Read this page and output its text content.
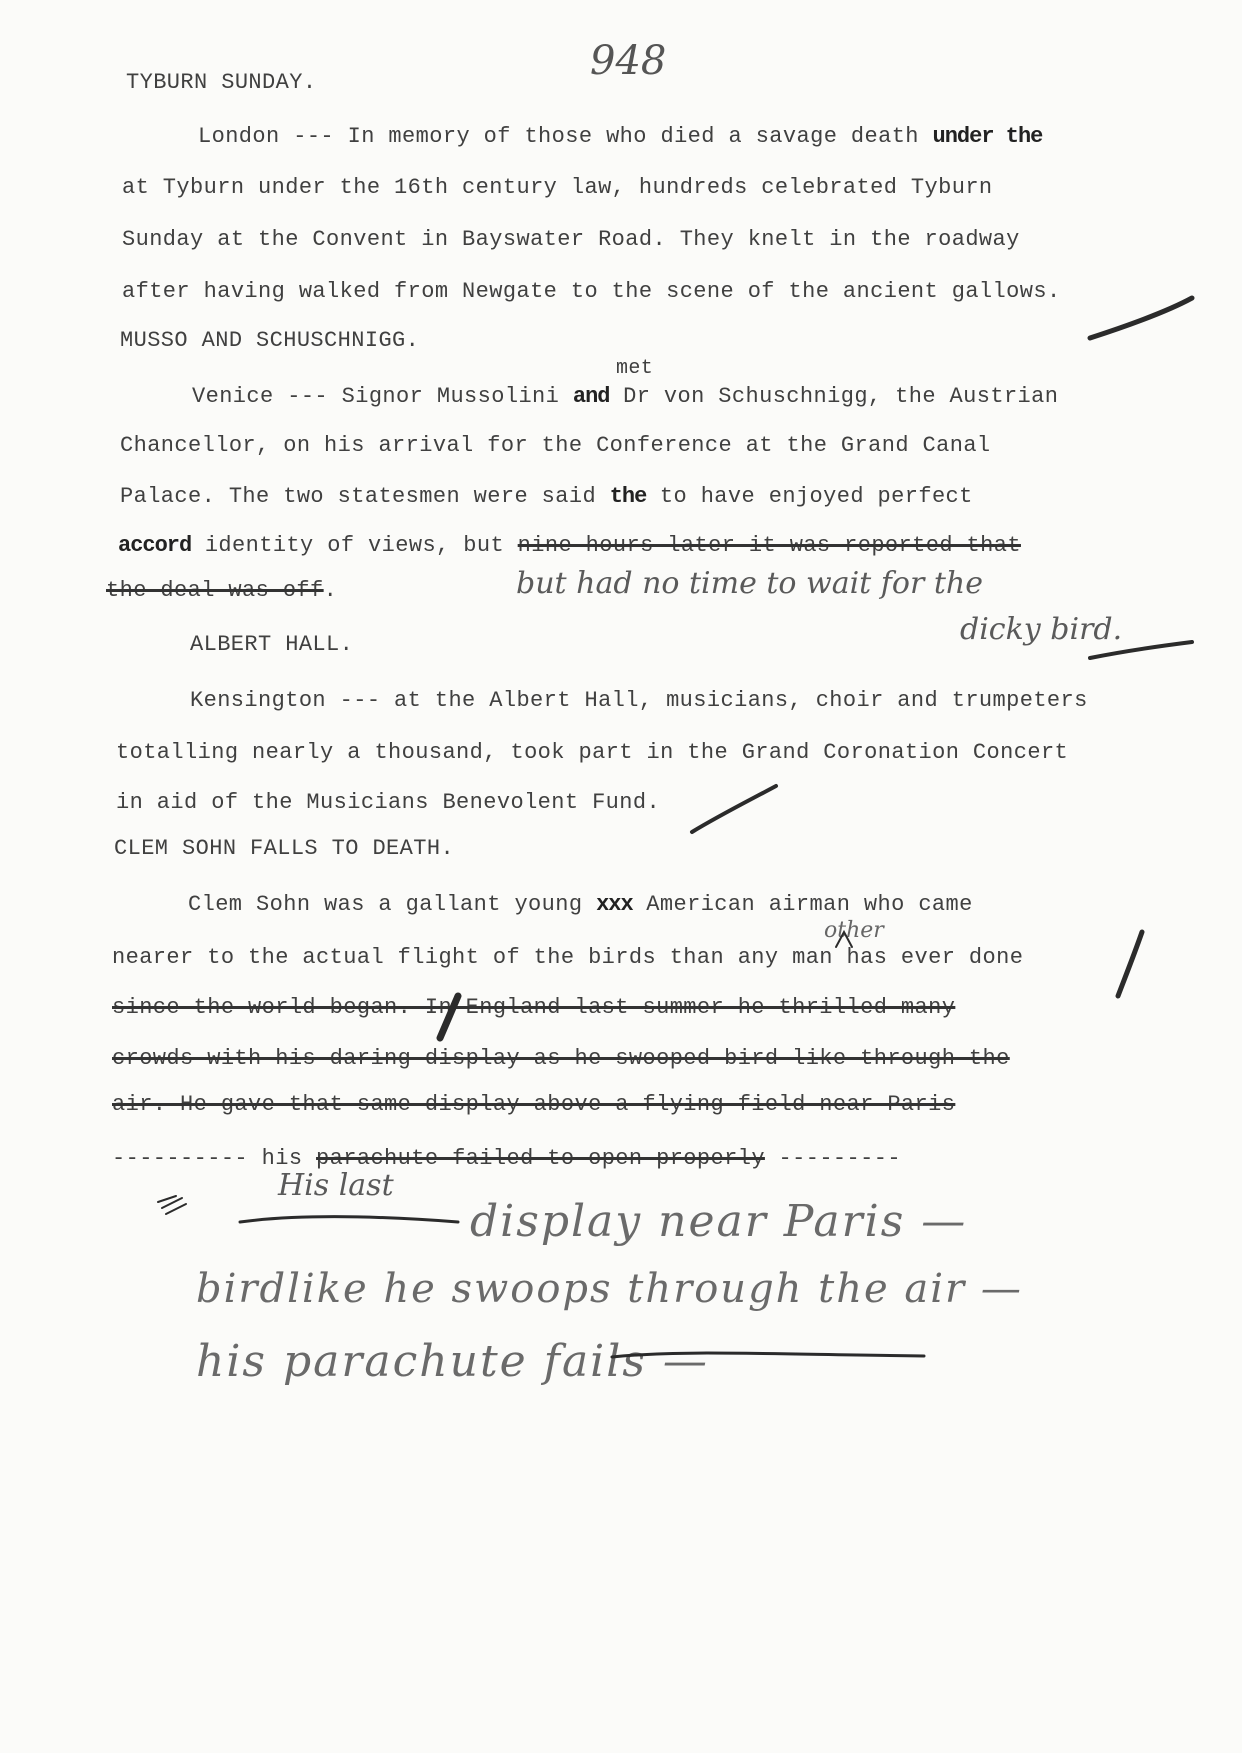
948
TYBURN SUNDAY.
London --- In memory of those who died a savage death under the
at Tyburn under the 16th century law, hundreds celebrated Tyburn
Sunday at the Convent in Bayswater Road. They knelt in the roadway
after having walked from Newgate to the scene of the ancient gallows.
MUSSO AND SCHUSCHNIGG.
met
Venice --- Signor Mussolini and Dr von Schuschnigg, the Austrian
Chancellor, on his arrival for the Conference at the Grand Canal
Palace. The two statesmen were said the to have enjoyed perfect
accord identity of views, but nine hours later it was reported that
the deal was off.	but had no time to wait for the
dicky bird.
ALBERT HALL.
Kensington --- at the Albert Hall, musicians, choir and trumpeters
totalling nearly a thousand, took part in the Grand Coronation Concert
in aid of the Musicians Benevolent Fund.
CLEM SOHN FALLS TO DEATH.
Clem Sohn was a gallant young xxx American airman who came
other
nearer to the actual flight of the birds than any man has ever done
since the world began. In England last summer he thrilled many
crowds with his daring display as he swooped bird-like through the
air. He gave that same display above a flying field near Paris
---------- his parachute failed to open properly ---------
His last
display near Paris —
birdlike he swoops through the air —
his parachute fails —
